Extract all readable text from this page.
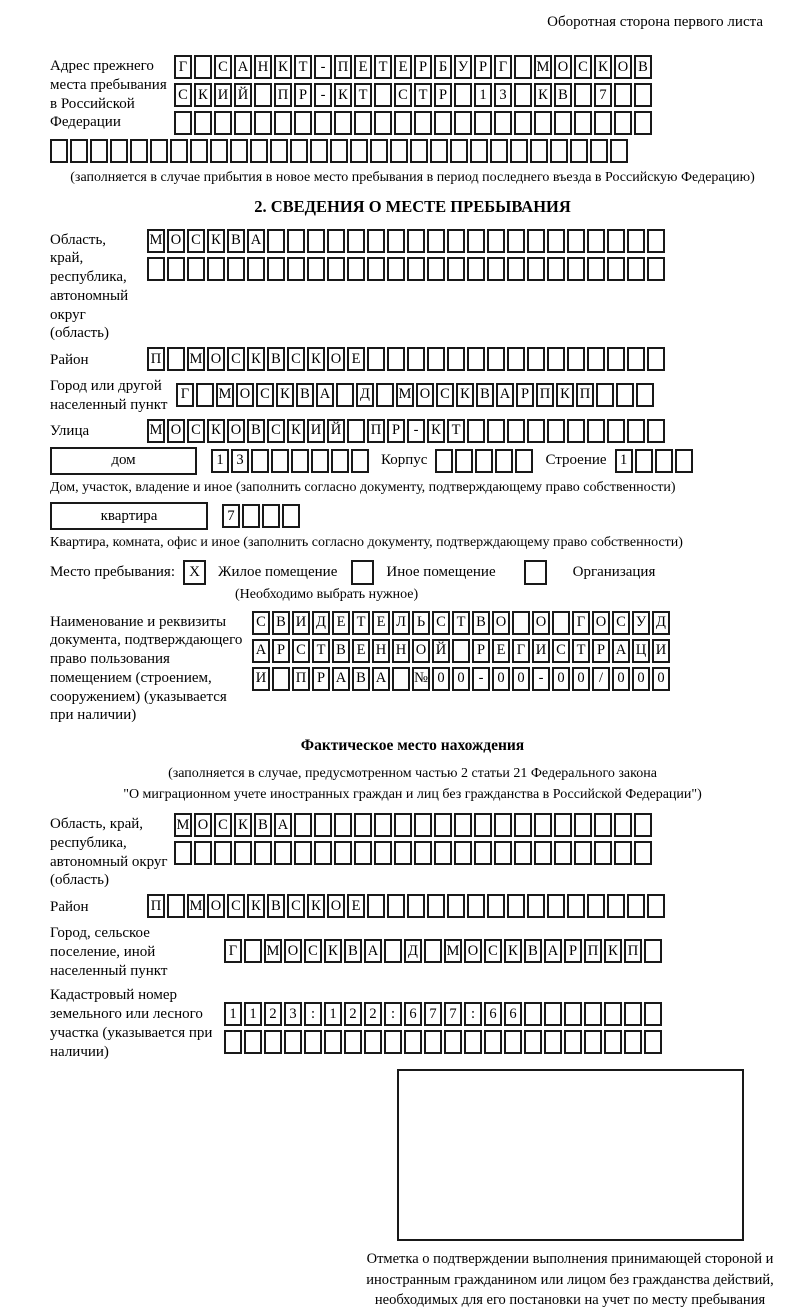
Оборотная сторона первого листа
Адрес прежнего места пребывания в Российской Федерации
Г	С А Н К Т - П Е Т Е Р Б У Р Г	М О С К О В
С К И Й П Р - К Т	С Т Р	1 3	К В	7
(заполняется в случае прибытия в новое место пребывания в период последнего въезда в Российскую Федерацию)
2. СВЕДЕНИЯ О МЕСТЕ ПРЕБЫВАНИЯ
Область, край, республика, автономный округ (область)
М О С К В А
Район	П М О С К В С К О Е
Город или другой населенный пункт
Г	М О С К В А Д М О С К В А Р П К П
Улица	М О С К О В С К И Й П Р - К Т
дом	1 3	Корпус	Строение 1
Дом, участок, владение и иное (заполнить согласно документу, подтверждающему право собственности)
квартира	7
Квартира, комната, офис и иное (заполнить согласно документу, подтверждающему право собственности)
Место пребывания: X	Жилое помещение	Иное помещение	Организация
(Необходимо выбрать нужное)
Наименование и реквизиты документа, подтверждающего право пользования помещением (строением, сооружением) (указывается при наличии)
С В И Д Е Т Е Л Ь С Т В О О	Г О С У Д
А Р С Т В Е Н Н О Й	Р Е Г И С Т Р А Ц И
И П Р А В А № 0 0 - 0 0 - 0 0 / 0 0 0
Фактическое место нахождения
(заполняется в случае, предусмотренном частью 2 статьи 21 Федерального закона
"О миграционном учете иностранных граждан и лиц без гражданства в Российской Федерации")
Область, край, республика, автономный округ (область)
М О С К В А
Район	П М О С К В С К О Е
Город, сельское поселение, иной населенный пункт
Г	М О С К В А Д М О С К В А Р П К П
Кадастровый номер земельного или лесного участка (указывается при наличии)
1 1 2 3 : 1 2 2 : 6 7 7 : 6 6
Отметка о подтверждении выполнения принимающей стороной и иностранным гражданином или лицом без гражданства действий, необходимых для его постановки на учет по месту пребывания
